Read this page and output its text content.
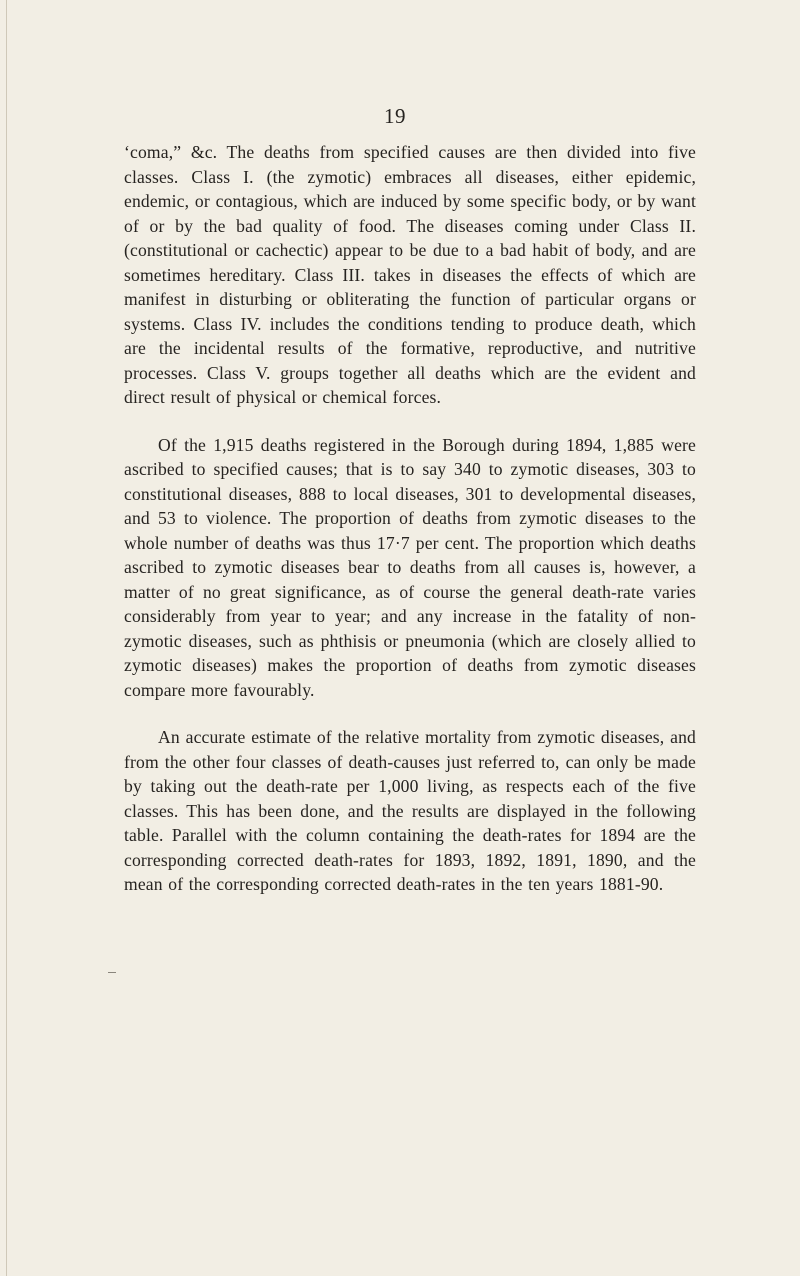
19

‘coma,” &c. The deaths from specified causes are then divided into five classes. Class I. (the zymotic) embraces all diseases, either epidemic, endemic, or contagious, which are induced by some specific body, or by want of or by the bad quality of food. The diseases coming under Class II. (constitutional or cachectic) appear to be due to a bad habit of body, and are sometimes hereditary. Class III. takes in diseases the effects of which are manifest in disturbing or obliterating the function of particular organs or systems. Class IV. includes the conditions tending to produce death, which are the incidental results of the formative, reproductive, and nutritive processes. Class V. groups together all deaths which are the evident and direct result of physical or chemical forces.

Of the 1,915 deaths registered in the Borough during 1894, 1,885 were ascribed to specified causes; that is to say 340 to zymotic diseases, 303 to constitutional diseases, 888 to local diseases, 301 to developmental diseases, and 53 to violence. The proportion of deaths from zymotic diseases to the whole number of deaths was thus 17·7 per cent. The proportion which deaths ascribed to zymotic diseases bear to deaths from all causes is, however, a matter of no great significance, as of course the general death-rate varies considerably from year to year; and any increase in the fatality of non-zymotic diseases, such as phthisis or pneumonia (which are closely allied to zymotic diseases) makes the proportion of deaths from zymotic diseases compare more favourably.

An accurate estimate of the relative mortality from zymotic diseases, and from the other four classes of death-causes just referred to, can only be made by taking out the death-rate per 1,000 living, as respects each of the five classes. This has been done, and the results are displayed in the following table. Parallel with the column containing the death-rates for 1894 are the corresponding corrected death-rates for 1893, 1892, 1891, 1890, and the mean of the corresponding corrected death-rates in the ten years 1881-90.
